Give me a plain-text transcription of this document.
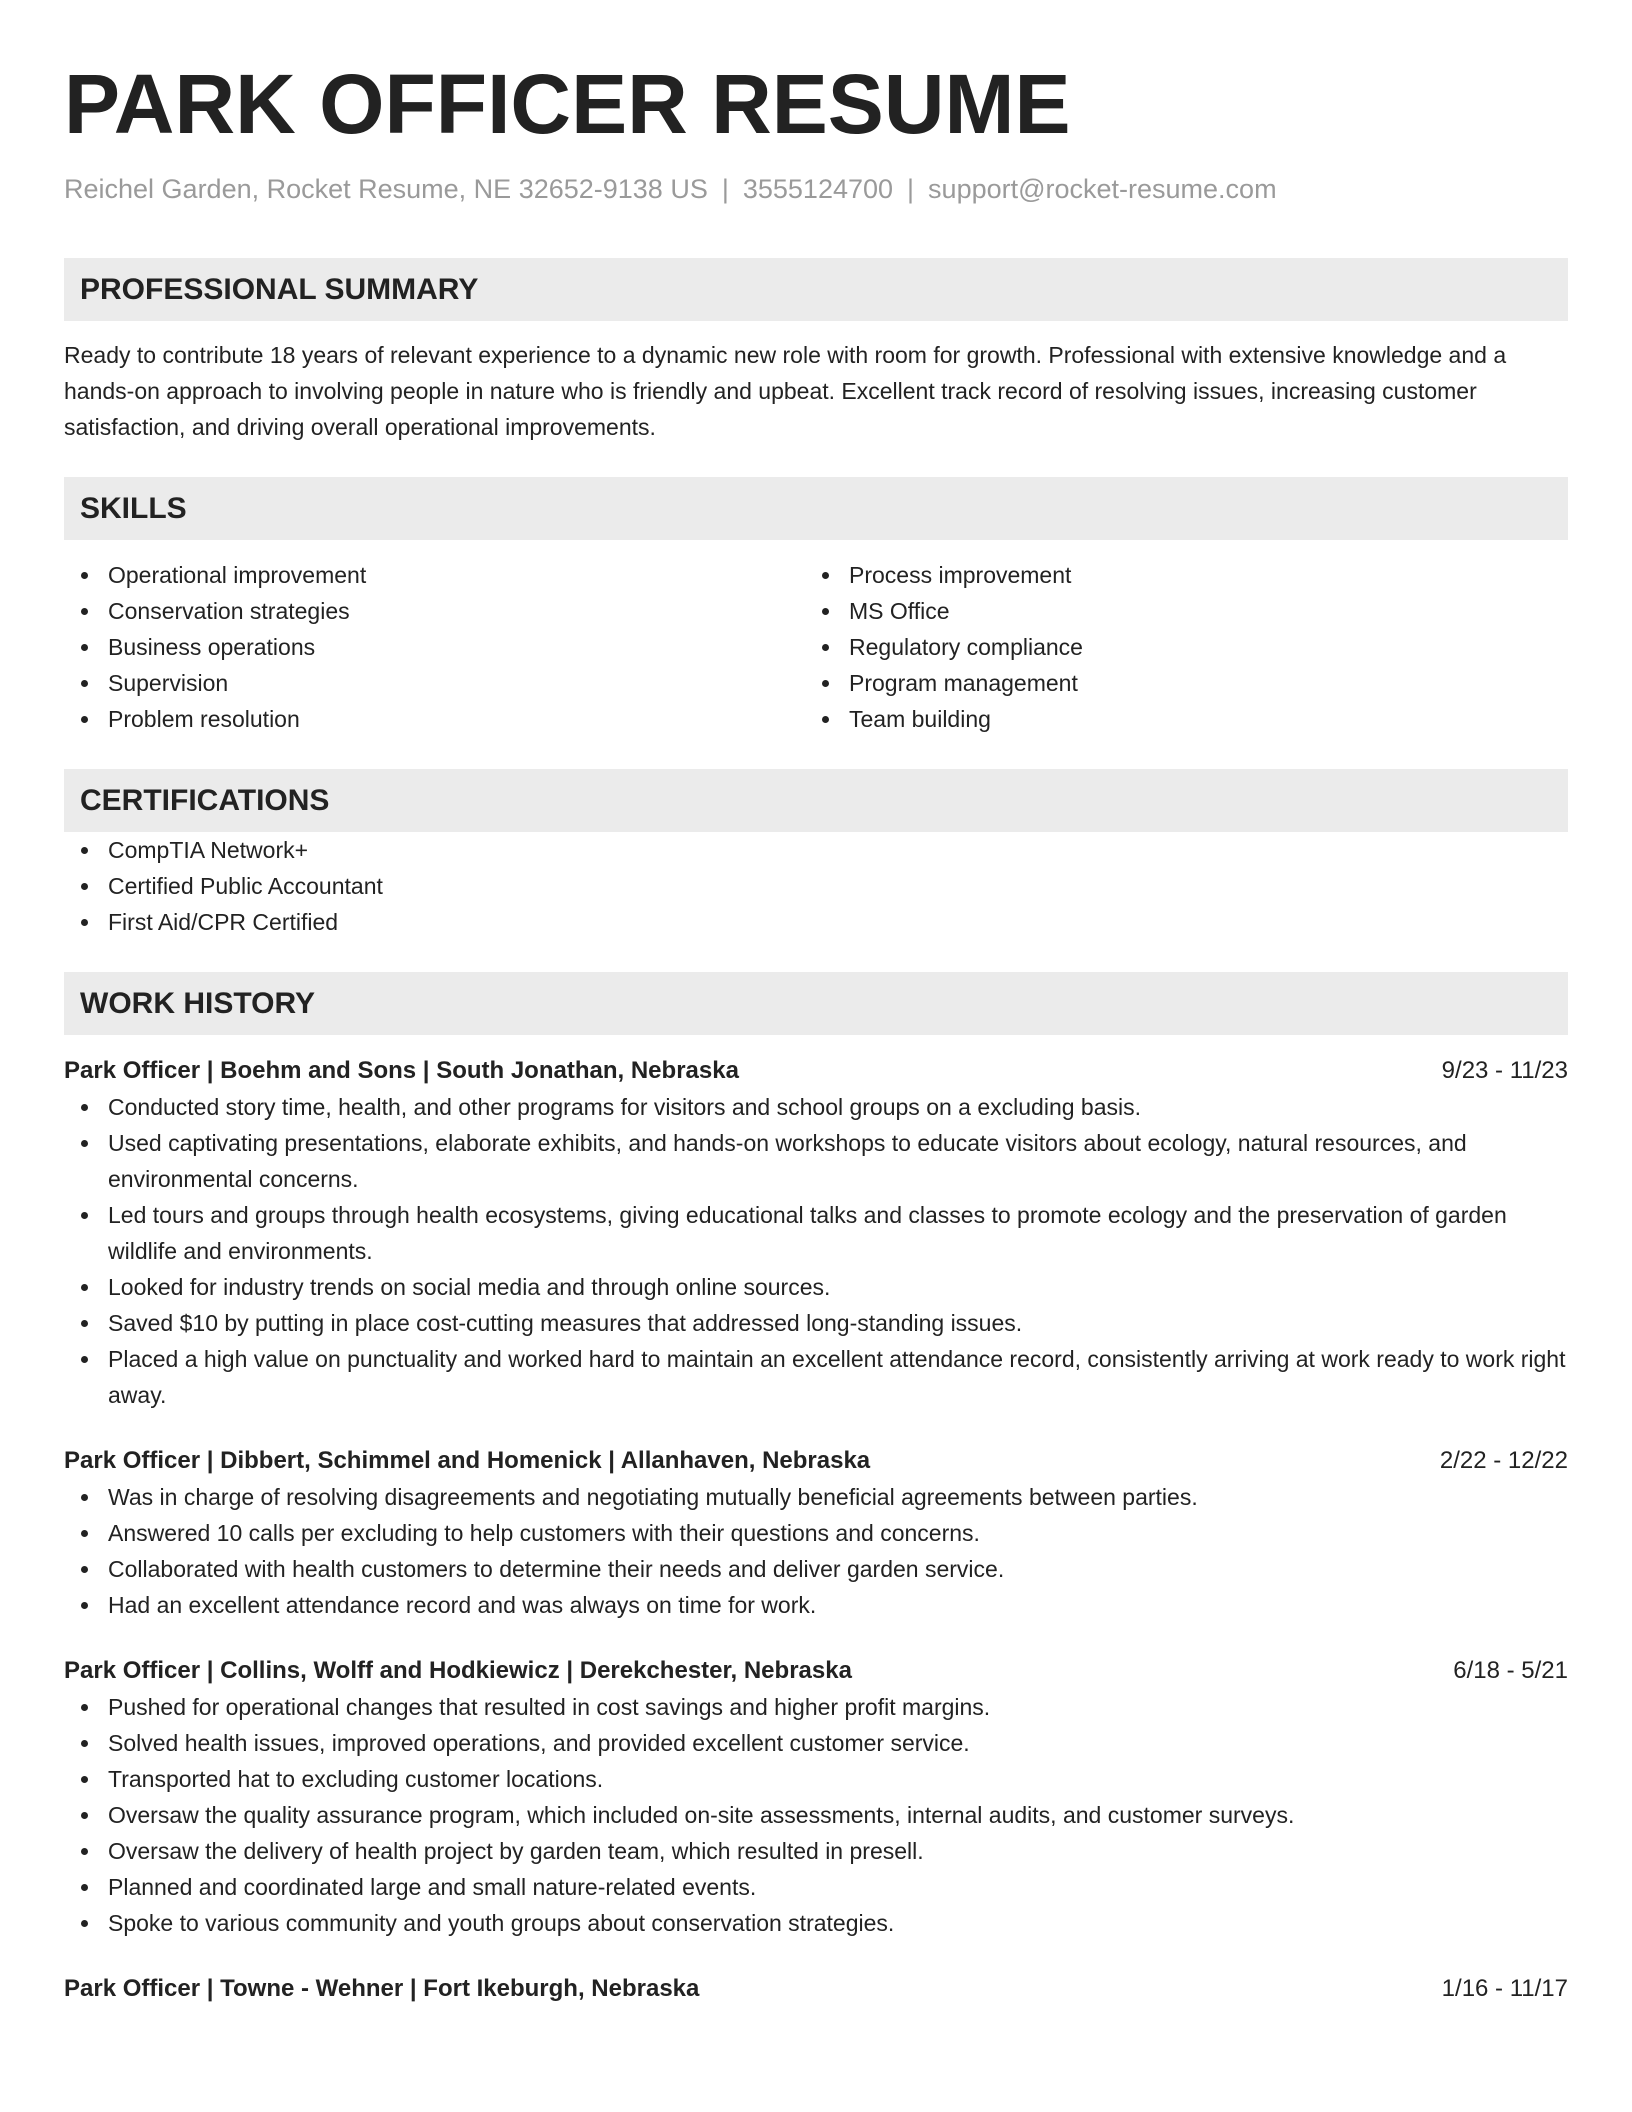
PARK OFFICER RESUME
Reichel Garden, Rocket Resume, NE 32652-9138 US | 3555124700 | support@rocket-resume.com
PROFESSIONAL SUMMARY
Ready to contribute 18 years of relevant experience to a dynamic new role with room for growth. Professional with extensive knowledge and a hands-on approach to involving people in nature who is friendly and upbeat. Excellent track record of resolving issues, increasing customer satisfaction, and driving overall operational improvements.
SKILLS
Operational improvement
Conservation strategies
Business operations
Supervision
Problem resolution
Process improvement
MS Office
Regulatory compliance
Program management
Team building
CERTIFICATIONS
CompTIA Network+
Certified Public Accountant
First Aid/CPR Certified
WORK HISTORY
Park Officer | Boehm and Sons | South Jonathan, Nebraska	9/23 - 11/23
Conducted story time, health, and other programs for visitors and school groups on a excluding basis.
Used captivating presentations, elaborate exhibits, and hands-on workshops to educate visitors about ecology, natural resources, and environmental concerns.
Led tours and groups through health ecosystems, giving educational talks and classes to promote ecology and the preservation of garden wildlife and environments.
Looked for industry trends on social media and through online sources.
Saved $10 by putting in place cost-cutting measures that addressed long-standing issues.
Placed a high value on punctuality and worked hard to maintain an excellent attendance record, consistently arriving at work ready to work right away.
Park Officer | Dibbert, Schimmel and Homenick | Allanhaven, Nebraska	2/22 - 12/22
Was in charge of resolving disagreements and negotiating mutually beneficial agreements between parties.
Answered 10 calls per excluding to help customers with their questions and concerns.
Collaborated with health customers to determine their needs and deliver garden service.
Had an excellent attendance record and was always on time for work.
Park Officer | Collins, Wolff and Hodkiewicz | Derekchester, Nebraska	6/18 - 5/21
Pushed for operational changes that resulted in cost savings and higher profit margins.
Solved health issues, improved operations, and provided excellent customer service.
Transported hat to excluding customer locations.
Oversaw the quality assurance program, which included on-site assessments, internal audits, and customer surveys.
Oversaw the delivery of health project by garden team, which resulted in presell.
Planned and coordinated large and small nature-related events.
Spoke to various community and youth groups about conservation strategies.
Park Officer | Towne - Wehner | Fort Ikeburgh, Nebraska	1/16 - 11/17
